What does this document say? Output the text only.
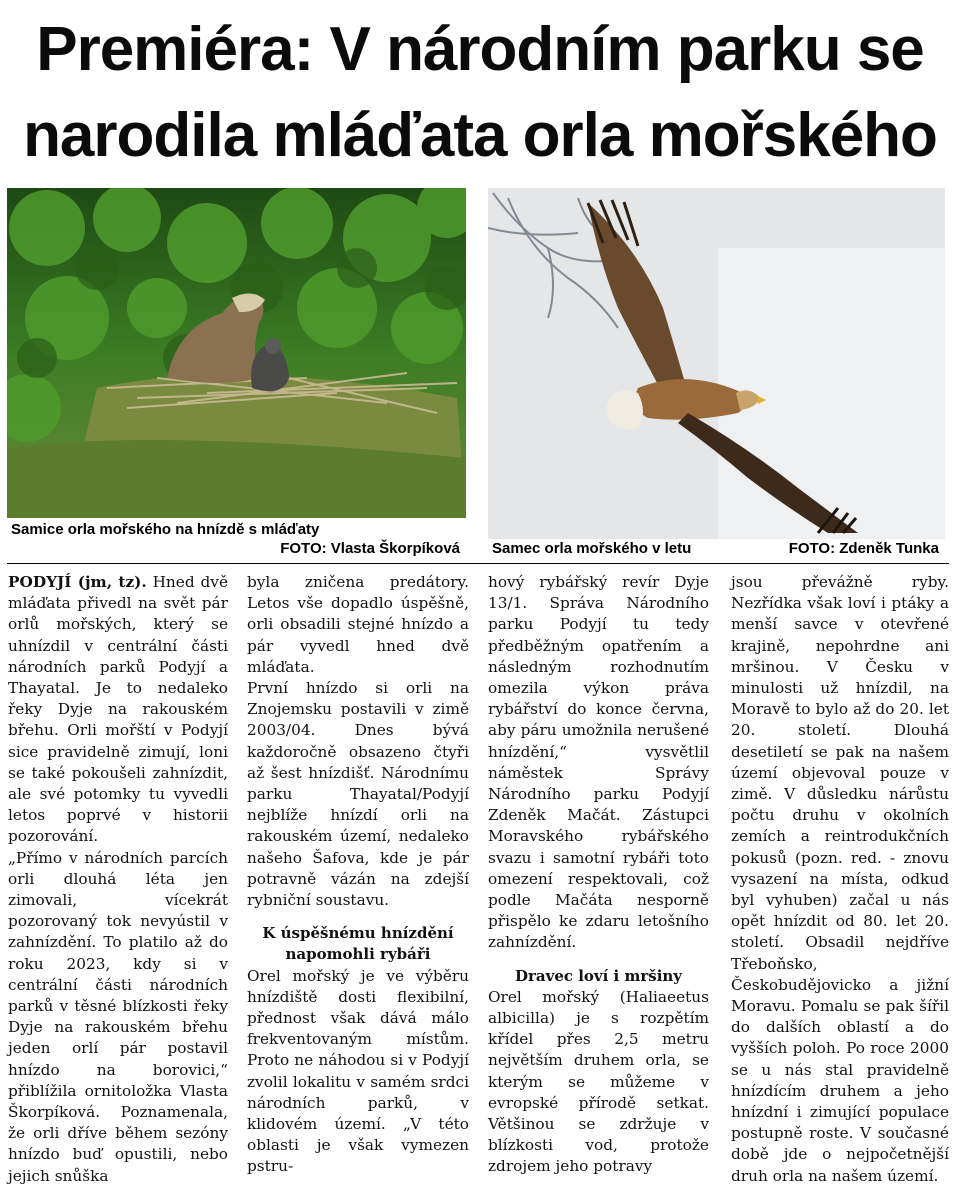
Premiéra: V národním parku se
narodila mláďata orla mořského
Samice orla mořského na hnízdě s mláďaty
FOTO: Vlasta Škorpíková Samec orla mořského v letu	FOTO: Zdeněk Tunka

PODYJÍ (jm, tz). Hned dvě mláďata přivedl na svět pár orlů mořských, který se uhnízdil v centrální části národních parků Podyjí a Thayatal. Je to nedaleko řeky Dyje na rakouském břehu. Orli mořští v Podyjí sice pravidelně zimují, loni se také pokoušeli zahnízdit, ale své potomky tu vyvedli letos poprvé v historii pozorování.

„Přímo v národních parcích orli dlouhá léta jen zimovali, vícekrát pozorovaný tok nevyústil v zahnízdění. To platilo až do roku 2023, kdy si v centrální části národních parků v těsné blízkosti řeky Dyje na rakouském břehu jeden orlí pár postavil hnízdo na borovici,“ přiblížila ornitoložka Vlasta Škorpíková. Poznamenala, že orli dříve během sezóny hnízdo buď opustili, nebo jejich snůška

byla zničena predátory. Letos vše dopadlo úspěšně, orli obsadili stejné hnízdo a pár vyvedl hned dvě mláďata.

První hnízdo si orli na Znojemsku postavili v zimě 2003/04. Dnes bývá každoročně obsazeno čtyři až šest hnízdišť. Národnímu parku Thayatal/Podyjí nejblíže hnízdí orli na rakouském území, nedaleko našeho Šafova, kde je pár potravně vázán na zdejší rybniční soustavu.

K úspěšnému hnízdění

napomohli rybáři

Orel mořský je ve výběru hnízdiště dosti flexibilní, přednost však dává málo frekventovaným místům. Proto ne náhodou si v Podyjí zvolil lokalitu v samém srdci národních parků, v klidovém území. „V této oblasti je však vymezen pstru-

hový rybářský revír Dyje 13/1. Správa Národního parku Podyjí tu tedy předběžným opatřením a následným rozhodnutím omezila výkon práva rybářství do konce června, aby páru umožnila nerušené hnízdění,“ vysvětlil náměstek Správy Národního parku Podyjí Zdeněk Mačát. Zástupci Moravského rybářského svazu i samotní rybáři toto omezení respektovali, což podle Mačáta nesporně přispělo ke zdaru letošního zahnízdění.

Dravec loví i mršiny

Orel mořský (Haliaeetus albicilla) je s rozpětím křídel přes 2,5 metru největším druhem orla, se kterým se můžeme v evropské přírodě setkat. Většinou se zdržuje v blízkosti vod, protože zdrojem jeho potravy

jsou převážně ryby. Nezřídka však loví i ptáky a menší savce v otevřené krajině, nepohrdne ani mršinou. V Česku v minulosti už hnízdil, na Moravě to bylo až do 20. let 20. století. Dlouhá desetiletí se pak na našem území objevoval pouze v zimě. V důsledku nárůstu počtu druhu v okolních zemích a reintrodukčních pokusů (pozn. red. - znovu vysazení na místa, odkud byl vyhuben) začal u nás opět hnízdit od 80. let 20. století. Obsadil nejdříve Třeboňsko, Českobudějovicko a jižní Moravu. Pomalu se pak šířil do dalších oblastí a do vyšších poloh. Po roce 2000 se u nás stal pravidelně hnízdícím druhem a jeho hnízdní i zimující populace postupně roste. V současné době jde o nejpočetnější druh orla na našem území.
